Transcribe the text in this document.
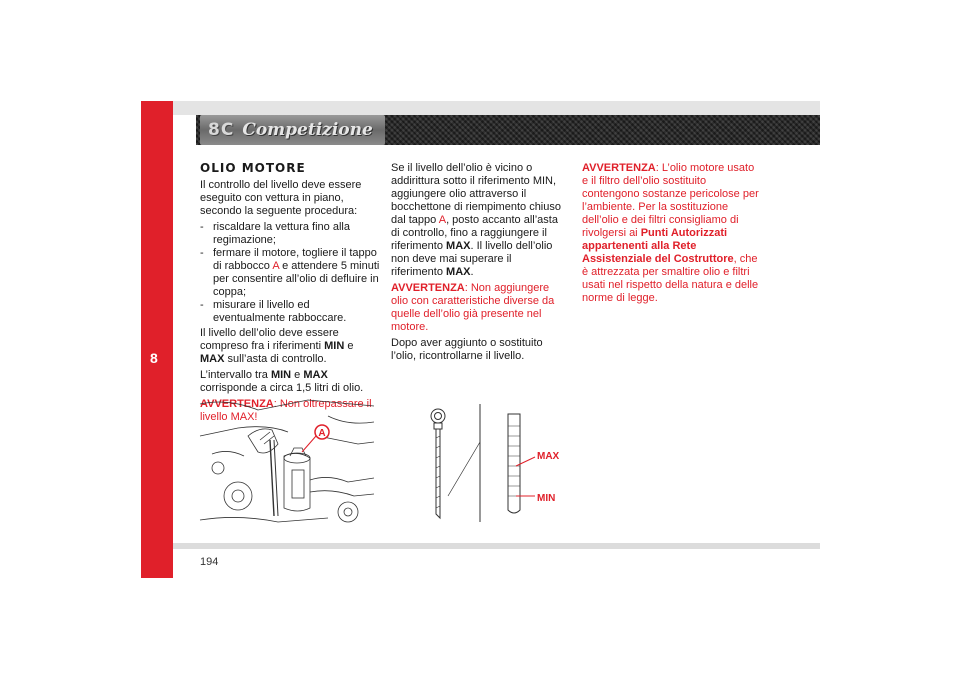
8
8C Competizione
194
OLIO MOTORE

Il controllo del livello deve essere eseguito con vettura in piano, secondo la seguente procedura:

- riscaldare la vettura fino alla regimazione;
- fermare il motore, togliere il tappo di rabbocco A e attendere 5 minuti per consentire all’olio di defluire in coppa;
- misurare il livello ed eventualmente rabboccare.

Il livello dell’olio deve essere compreso fra i riferimenti MIN e MAX sull’asta di controllo.

L’intervallo tra MIN e MAX corrisponde a circa 1,5 litri di olio.

AVVERTENZA: Non oltrepassare il livello MAX!

Se il livello dell’olio è vicino o addirittura sotto il riferimento MIN, aggiungere olio attraverso il bocchettone di riempimento chiuso dal tappo A, posto accanto all’asta di controllo, fino a raggiungere il riferimento MAX. Il livello dell’olio non deve mai superare il riferimento MAX.

AVVERTENZA: Non aggiungere olio con caratteristiche diverse da quelle dell’olio già presente nel motore.

Dopo aver aggiunto o sostituito l’olio, ricontrollarne il livello.

AVVERTENZA: L’olio motore usato e il filtro dell’olio sostituito contengono sostanze pericolose per l’ambiente. Per la sostituzione dell’olio e dei filtri consigliamo di rivolgersi ai Punti Autorizzati appartenenti alla Rete Assistenziale del Costruttore, che è attrezzata per smaltire olio e filtri usati nel rispetto della natura e delle norme di legge.

A
MAX
MIN
